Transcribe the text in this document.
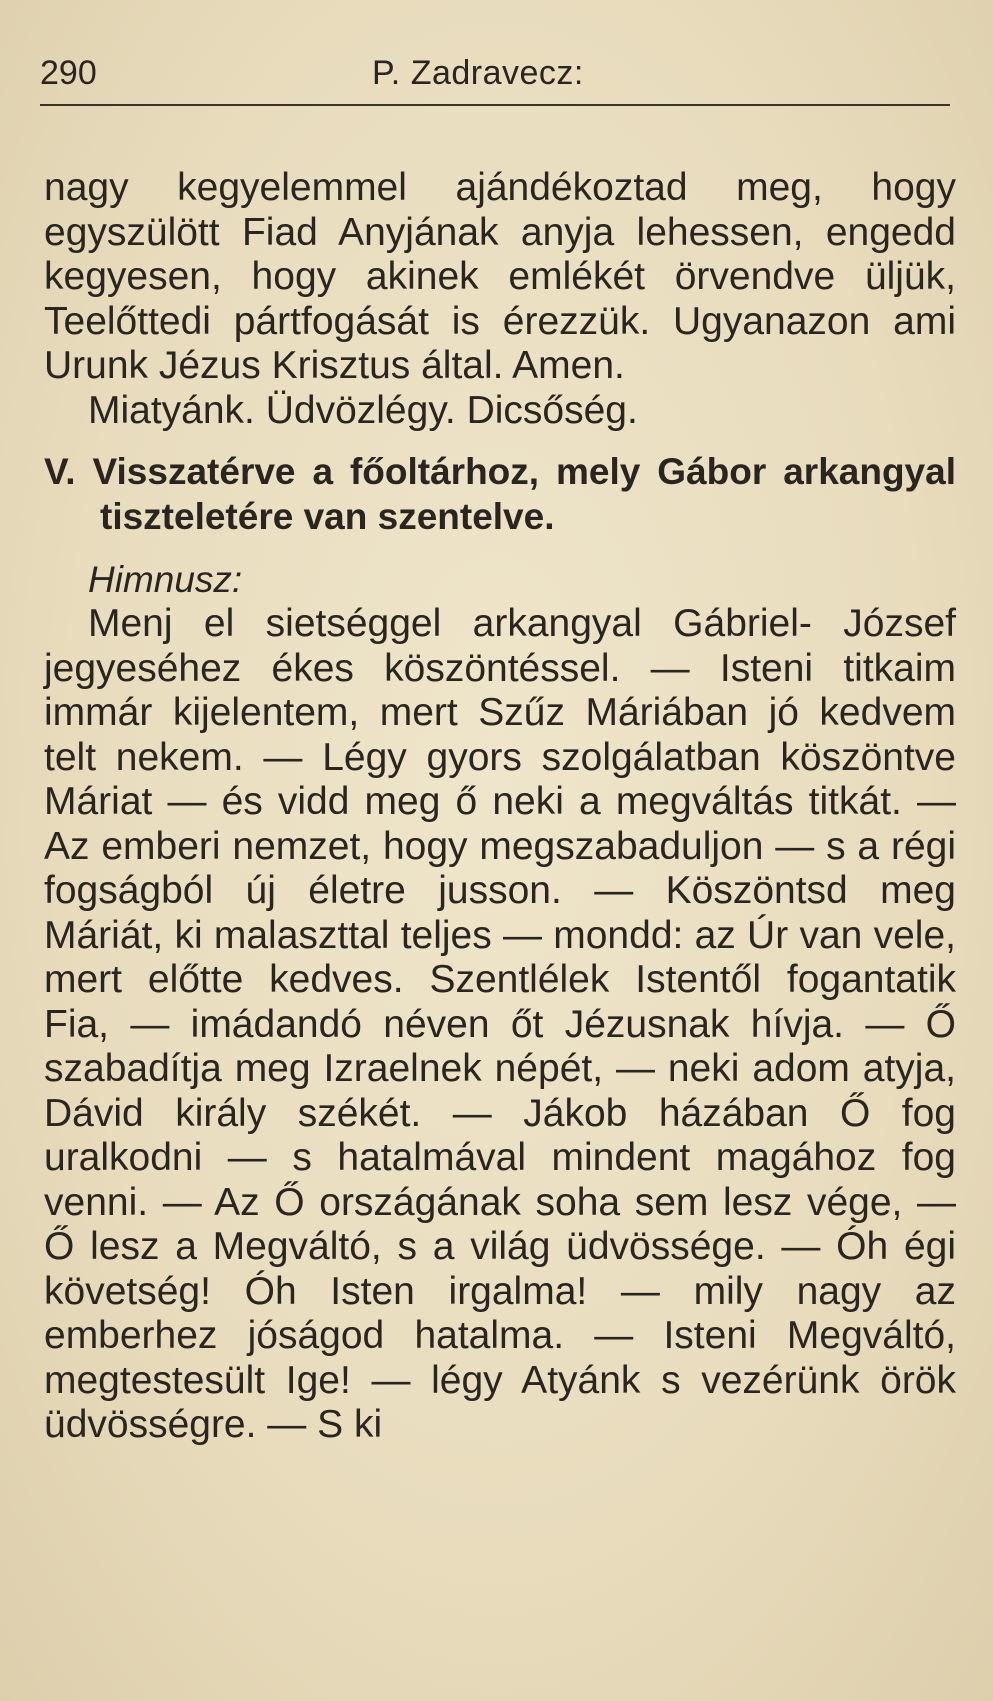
290	P. Zadravecz:

nagy kegyelemmel ajándékoztad meg, hogy egyszülött Fiad Anyjának anyja lehessen, engedd kegyesen, hogy akinek emlékét örvendve üljük, Teelőttedi pártfogását is érezzük. Ugyanazon ami Urunk Jézus Krisztus által. Amen.

Miatyánk. Üdvözlégy. Dicsőség.

V. Visszatérve a főoltárhoz, mely Gábor arkangyal tiszteletére van szentelve.

Himnusz:

Menj el sietséggel arkangyal Gábriel- József jegyeséhez ékes köszöntéssel. — Isteni titkaim immár kijelentem, mert Szűz Máriában jó kedvem telt nekem. — Légy gyors szolgálatban köszöntve Máriat — és vidd meg ő neki a megváltás titkát. — Az emberi nemzet, hogy megszabaduljon — s a régi fogságból új életre jusson. — Köszöntsd meg Máriát, ki malaszttal teljes — mondd: az Úr van vele, mert előtte kedves. Szentlélek Istentől fogantatik Fia, — imádandó néven őt Jézusnak hívja. — Ő szabadítja meg Izraelnek népét, — neki adom atyja, Dávid király székét. — Jákob házában Ő fog uralkodni — s hatalmával mindent magához fog venni. — Az Ő országának soha sem lesz vége, — Ő lesz a Megváltó, s a világ üdvössége. — Óh égi követség! Óh Isten irgalma! — mily nagy az emberhez jóságod hatalma. — Isteni Megváltó, megtestesült Ige! — légy Atyánk s vezérünk örök üdvösségre. — S ki
